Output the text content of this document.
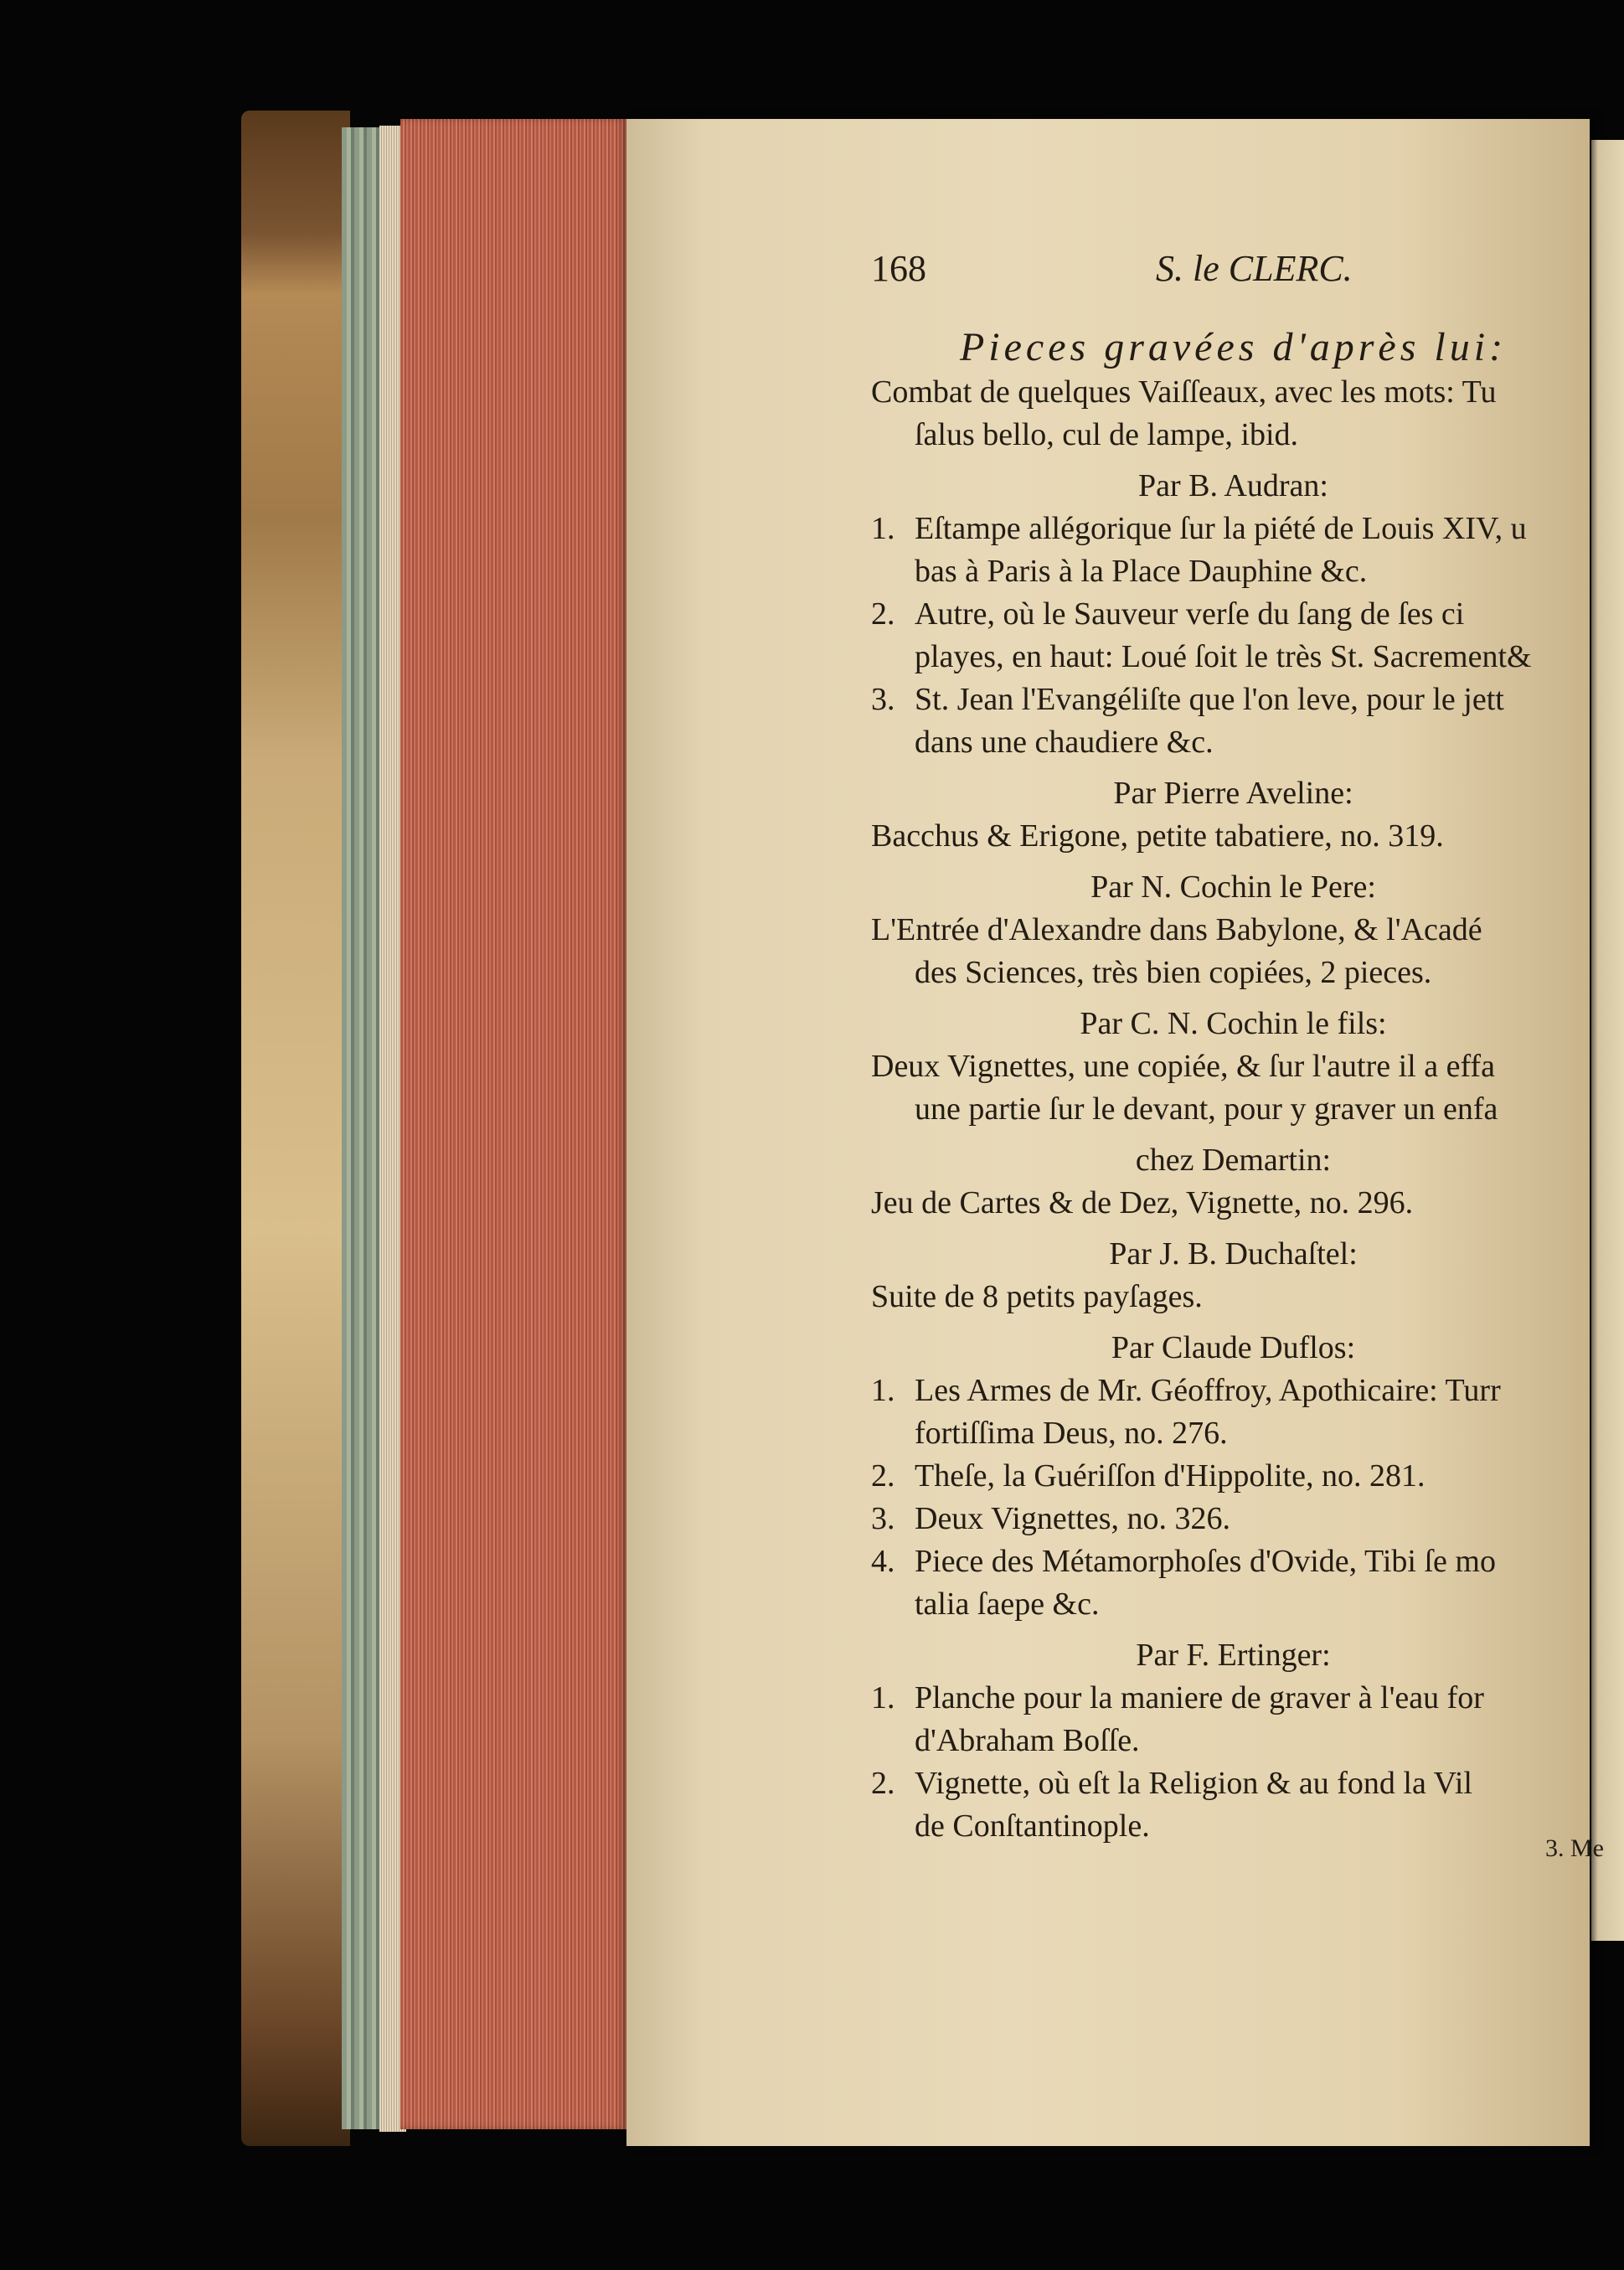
168	S. le CLERC.
Pieces gravées d'après lui:
Combat de quelques Vaiſſeaux, avec les mots: Tu
ſalus bello, cul de lampe, ibid.
Par B. Audran:
1. Eſtampe allégorique ſur la piété de Louis XIV, u
bas à Paris à la Place Dauphine &c.
2. Autre, où le Sauveur verſe du ſang de ſes ci
playes, en haut: Loué ſoit le très St. Sacrement&
3. St. Jean l'Evangéliſte que l'on leve, pour le jett
dans une chaudiere &c.
Par Pierre Aveline:
Bacchus & Erigone, petite tabatiere, no. 319.
Par N. Cochin le Pere:
L'Entrée d'Alexandre dans Babylone, & l'Acadé
des Sciences, très bien copiées, 2 pieces.
Par C. N. Cochin le fils:
Deux Vignettes, une copiée, & ſur l'autre il a effa
une partie ſur le devant, pour y graver un enfa
chez Demartin:
Jeu de Cartes & de Dez, Vignette, no. 296.
Par J. B. Duchaſtel:
Suite de 8 petits payſages.
Par Claude Duflos:
1. Les Armes de Mr. Géoffroy, Apothicaire: Turr
fortiſſima Deus, no. 276.
2. Theſe, la Guériſſon d'Hippolite, no. 281.
3. Deux Vignettes, no. 326.
4. Piece des Métamorphoſes d'Ovide, Tibi ſe mo
talia ſaepe &c.
Par F. Ertinger:
1. Planche pour la maniere de graver à l'eau for
d'Abraham Boſſe.
2. Vignette, où eſt la Religion & au fond la Vil
de Conſtantinople.
3. Me
